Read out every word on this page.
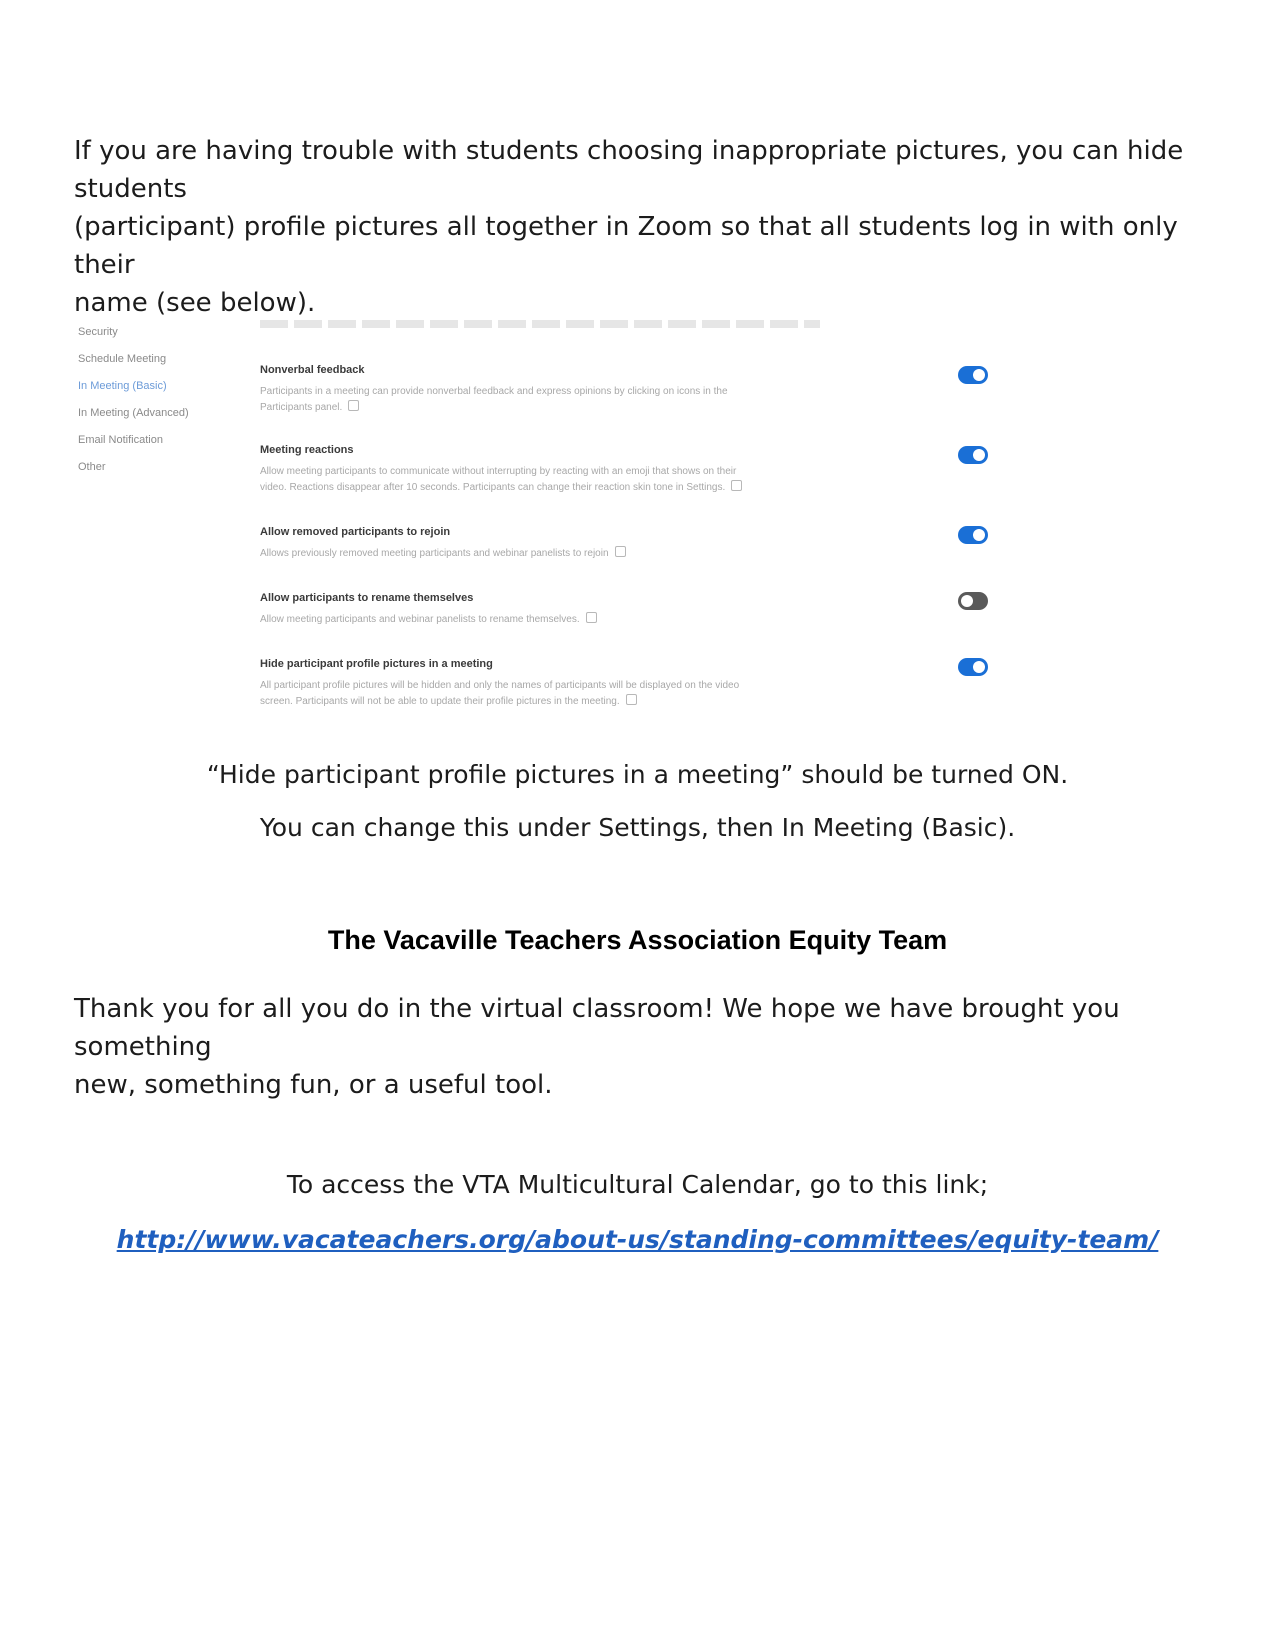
If you are having trouble with students choosing inappropriate pictures, you can hide students
(participant) profile pictures all together in Zoom so that all students log in with only their
name (see below).
Security
Schedule Meeting
In Meeting (Basic)
In Meeting (Advanced)
Email Notification
Other
Nonverbal feedback
Participants in a meeting can provide nonverbal feedback and express opinions by clicking on icons in the
Participants panel.
Meeting reactions
Allow meeting participants to communicate without interrupting by reacting with an emoji that shows on their
video. Reactions disappear after 10 seconds. Participants can change their reaction skin tone in Settings.
Allow removed participants to rejoin
Allows previously removed meeting participants and webinar panelists to rejoin
Allow participants to rename themselves
Allow meeting participants and webinar panelists to rename themselves.
Hide participant profile pictures in a meeting
All participant profile pictures will be hidden and only the names of participants will be displayed on the video
screen. Participants will not be able to update their profile pictures in the meeting.
“Hide participant profile pictures in a meeting” should be turned ON.
You can change this under Settings, then In Meeting (Basic).
The Vacaville Teachers Association Equity Team
Thank you for all you do in the virtual classroom! We hope we have brought you something
new, something fun, or a useful tool.
To access the VTA Multicultural Calendar, go to this link;
http://www.vacateachers.org/about-us/standing-committees/equity-team/
